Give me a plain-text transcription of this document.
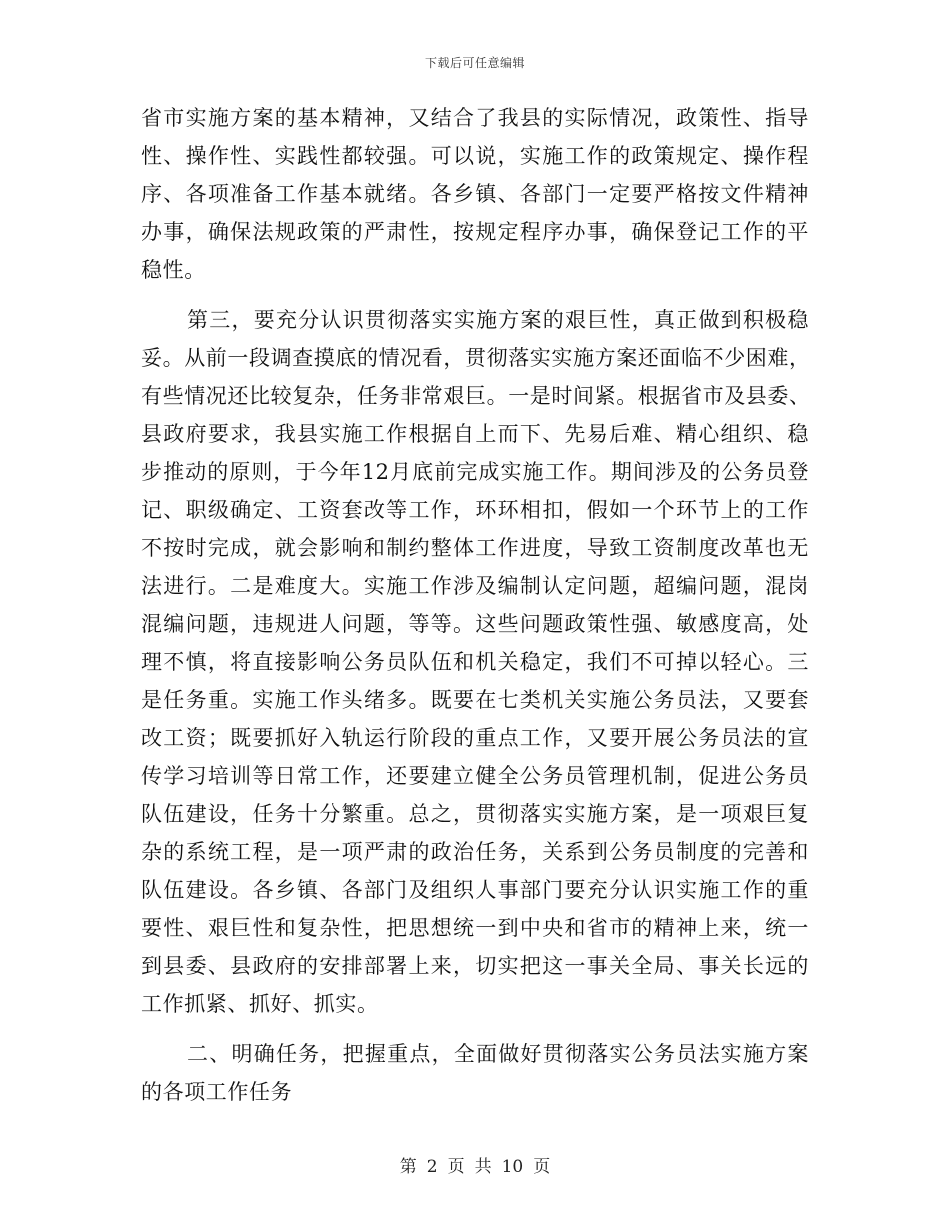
下载后可任意编辑
省市实施方案的基本精神，又结合了我县的实际情况，政策性、指导
性、操作性、实践性都较强。可以说，实施工作的政策规定、操作程
序、各项准备工作基本就绪。各乡镇、各部门一定要严格按文件精神
办事，确保法规政策的严肃性，按规定程序办事，确保登记工作的平
稳性。
第三，要充分认识贯彻落实实施方案的艰巨性，真正做到积极稳
妥。从前一段调查摸底的情况看，贯彻落实实施方案还面临不少困难，
有些情况还比较复杂，任务非常艰巨。一是时间紧。根据省市及县委、
县政府要求，我县实施工作根据自上而下、先易后难、精心组织、稳
步推动的原则，于今年12月底前完成实施工作。期间涉及的公务员登
记、职级确定、工资套改等工作，环环相扣，假如一个环节上的工作
不按时完成，就会影响和制约整体工作进度，导致工资制度改革也无
法进行。二是难度大。实施工作涉及编制认定问题，超编问题，混岗
混编问题，违规进人问题，等等。这些问题政策性强、敏感度高，处
理不慎，将直接影响公务员队伍和机关稳定，我们不可掉以轻心。三
是任务重。实施工作头绪多。既要在七类机关实施公务员法，又要套
改工资；既要抓好入轨运行阶段的重点工作，又要开展公务员法的宣
传学习培训等日常工作，还要建立健全公务员管理机制，促进公务员
队伍建设，任务十分繁重。总之，贯彻落实实施方案，是一项艰巨复
杂的系统工程，是一项严肃的政治任务，关系到公务员制度的完善和
队伍建设。各乡镇、各部门及组织人事部门要充分认识实施工作的重
要性、艰巨性和复杂性，把思想统一到中央和省市的精神上来，统一
到县委、县政府的安排部署上来，切实把这一事关全局、事关长远的
工作抓紧、抓好、抓实。
二、明确任务，把握重点，全面做好贯彻落实公务员法实施方案
的各项工作任务
第 2 页 共 10 页
